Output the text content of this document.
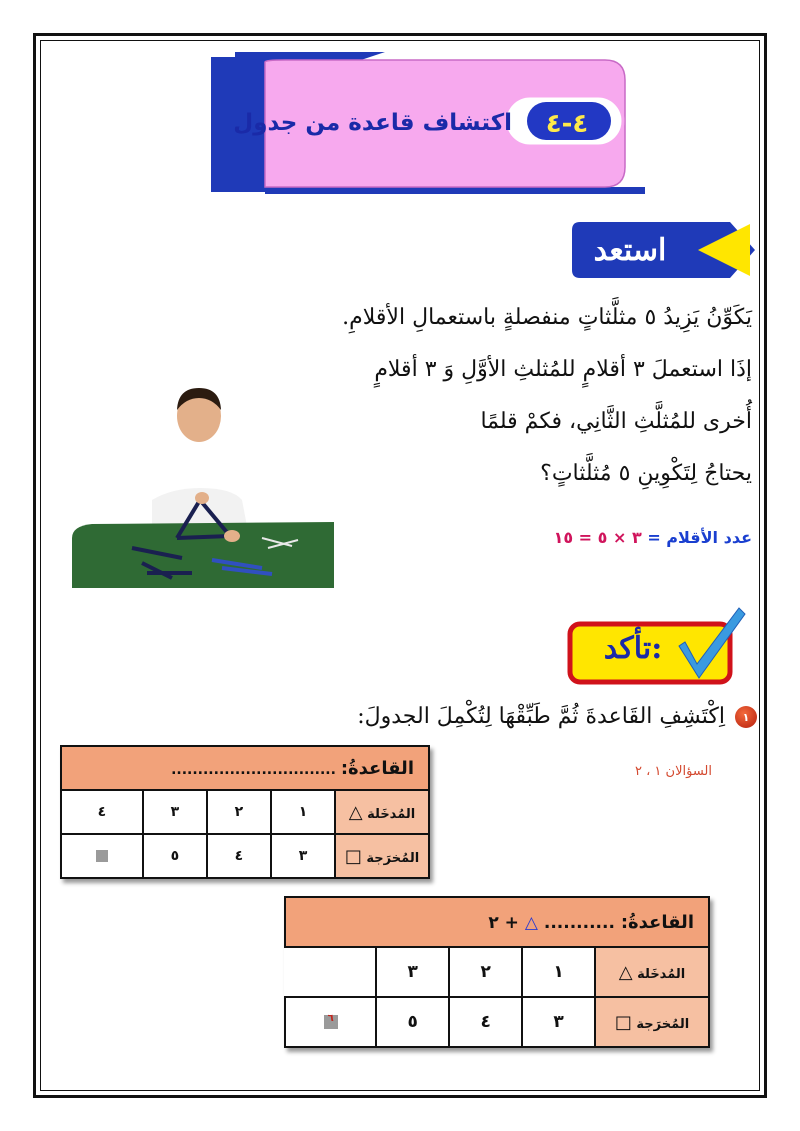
٤-٤
اكتشاف قاعدة من جدول
استعد
يَكَوِّنُ يَزِيدُ ٥ مثلَّثاتٍ منفصلةٍ باستعمالِ الأقلامِ.
إذَا استعملَ ٣ أقلامٍ للمُثلثِ الأوَّلِ وَ ٣ أقلامٍ
أُخرى للمُثلَّثِ الثَّانِي، فكمْ قلمًا
يحتاجُ لِتَكْوِينِ ٥ مُثلَّثاتٍ؟
عدد الأقلام = ٣ × ٥ = ١٥
تأكد:
١
اِكْتَشِفِ القَاعدةَ ثُمَّ طَبِّقْهَا لِتُكْمِلَ الجدولَ:
السؤالان ١ ، ٢
القاعدةُ: ...............................				
المُدخَلة △	١	٢	٣	٤
المُخرَجة □	٣	٤	٥	
القاعدةُ: ........... △ + ٢				
المُدخَلة △	١	٢	٣	
المُخرَجة □	٣	٤	٥	٦
